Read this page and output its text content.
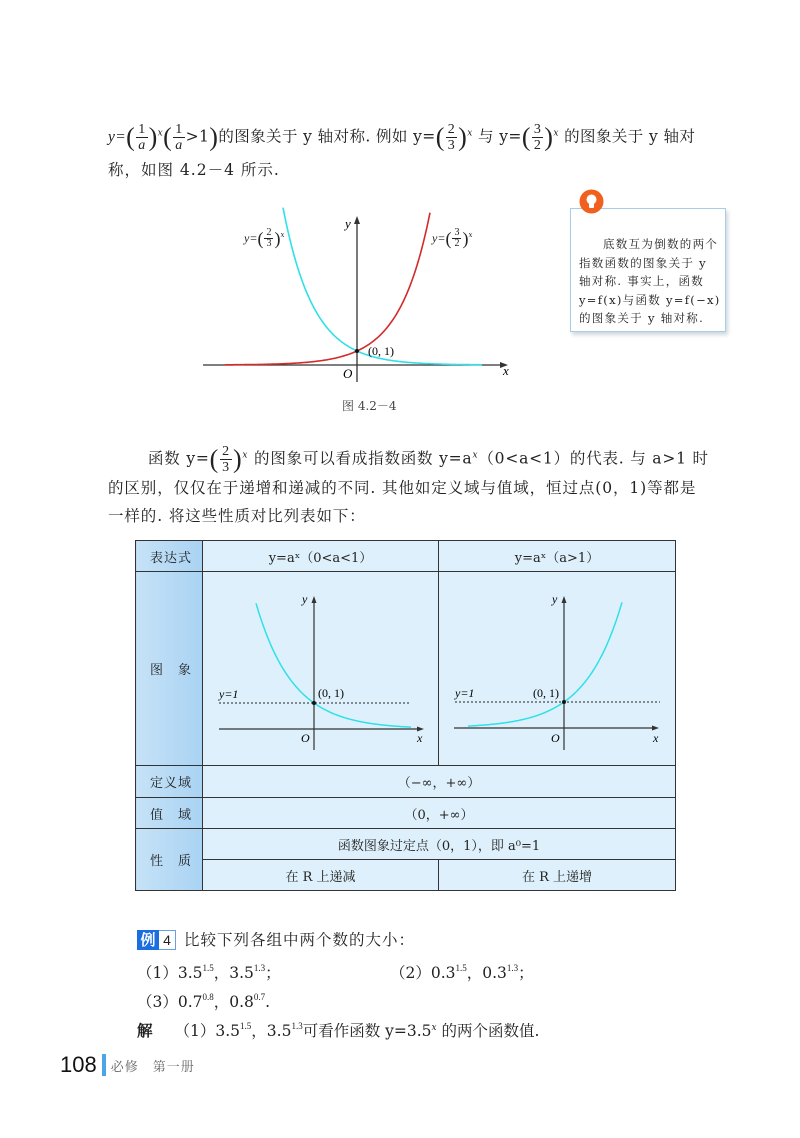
$y=( \frac{1}{a} )^x( \frac{1}{a} >1)$的图象关于 y 轴对称. 例如 $y=( \frac{2}{3} )^x$ 与 $y=( \frac{3}{2} )^x$ 的图象关于 y 轴对
称，如图 4.2－4 所示.
(0, 1)
O	x
y
图 4.2－4
$y=( \frac{2}{3} )^x$	$y=( \frac{3}{2} )^x$
底数互为倒数的两个指数函数的图象关于 y 轴对称. 事实上，函数 y=f(x)与函数 y=f(−x)的图象关于 y 轴对称.
函数 $y=( \frac{2}{3} )^x$ 的图象可以看成指数函数 $y=a^x(0<a<1)$的代表. 与 a>1 时
的区别，仅仅在于递增和递减的不同. 其他如定义域与值域，恒过点(0，1)等都是
一样的. 将这些性质对比列表如下：
表达式	y=aˣ（0<a<1）	y=aˣ（a>1）
图　象		
定义域	（−∞，+∞）	
值　域	（0，+∞）	
性　质	函数图象过定点（0，1），即 a⁰=1	
	在 R 上递减	在 R 上递增
y=1	(0, 1)
O	x
y
y=1	(0, 1)
O	x
y
例 4 比较下列各组中两个数的大小：
$(1)3.5^{1.5}$，$3.5^{1.3}$；	$(2)0.3^{1.5}$，$0.3^{1.3}$；
$(3)0.7^{0.8}$，$0.8^{0.7}$.
解 $(1)3.5^{1.5}$，$3.5^{1.3}$可看作函数 $y=3.5^x$ 的两个函数值.
108 必修　第一册
